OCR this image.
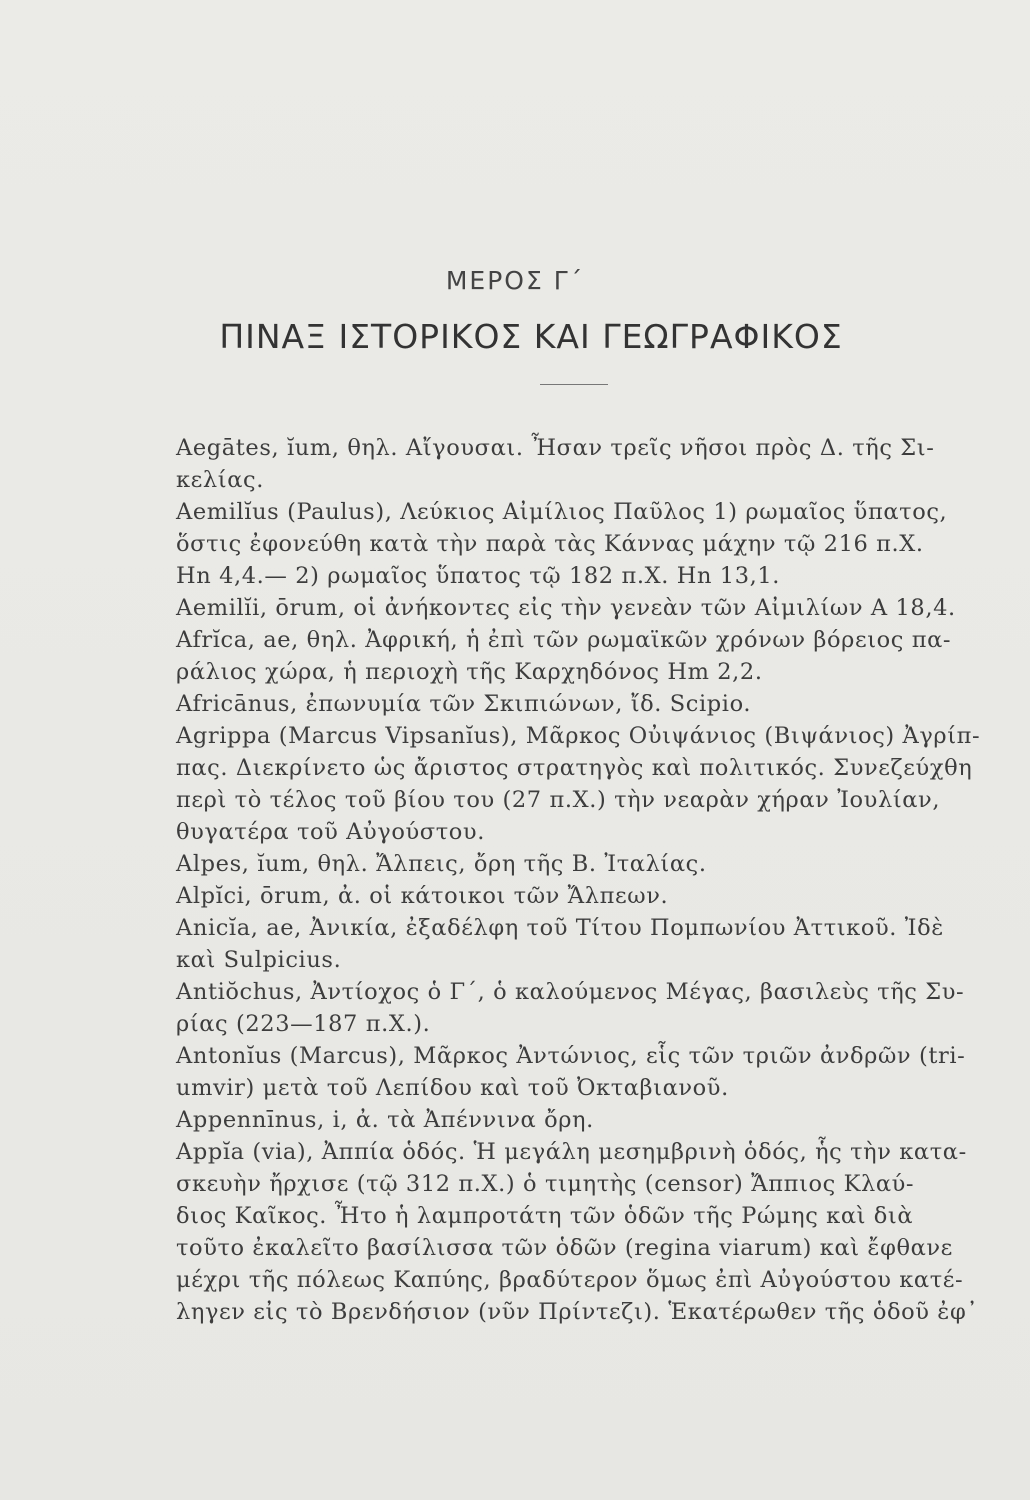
ΜΕΡΟΣ Γ΄
ΠΙΝΑΞ ΙΣΤΟΡΙΚΟΣ ΚΑΙ ΓΕΩΓΡΑΦΙΚΟΣ
Aegātes, ĭum, θηλ. Αἴγουσαι. Ἦσαν τρεῖς νῆσοι πρὸς Δ. τῆς Σι-
κελίας.
Aemilĭus (Paulus), Λεύκιος Αἰμίλιος Παῦλος 1) ρωμαῖος ὕπατος,
ὅστις ἐφονεύθη κατὰ τὴν παρὰ τὰς Κάννας μάχην τῷ 216 π.Χ.
Hn 4,4.— 2) ρωμαῖος ὕπατος τῷ 182 π.Χ. Hn 13,1.
Aemilĭi, ōrum, οἱ ἀνήκοντες εἰς τὴν γενεὰν τῶν Αἰμιλίων A 18,4.
Afrĭca, ae, θηλ. Ἀφρική, ἡ ἐπὶ τῶν ρωμαϊκῶν χρόνων βόρειος πα-
ράλιος χώρα, ἡ περιοχὴ τῆς Καρχηδόνος Hm 2,2.
Africānus, ἐπωνυμία τῶν Σκιπιώνων, ἴδ. Scipio.
Agrippa (Marcus Vipsanĭus), Μᾶρκος Οὐιψάνιος (Βιψάνιος) Ἀγρίπ-
πας. Διεκρίνετο ὡς ἄριστος στρατηγὸς καὶ πολιτικός. Συνεζεύχθη
περὶ τὸ τέλος τοῦ βίου του (27 π.Χ.) τὴν νεαρὰν χήραν Ἰουλίαν,
θυγατέρα τοῦ Αὐγούστου.
Alpes, ĭum, θηλ. Ἄλπεις, ὄρη τῆς Β. Ἰταλίας.
Alpĭci, ōrum, ἀ. οἱ κάτοικοι τῶν Ἄλπεων.
Anicĭa, ae, Ἀνικία, ἐξαδέλφη τοῦ Τίτου Πομπωνίου Ἀττικοῦ. Ἰδὲ
καὶ Sulpicius.
Antiŏchus, Ἀντίοχος ὁ Γ΄, ὁ καλούμενος Μέγας, βασιλεὺς τῆς Συ-
ρίας (223—187 π.Χ.).
Antonĭus (Marcus), Μᾶρκος Ἀντώνιος, εἷς τῶν τριῶν ἀνδρῶν (tri-
umvir) μετὰ τοῦ Λεπίδου καὶ τοῦ Ὀκταβιανοῦ.
Appennīnus, i, ἀ. τὰ Ἀπέννινα ὄρη.
Appĭa (via), Ἀππία ὁδός. Ἡ μεγάλη μεσημβρινὴ ὁδός, ἧς τὴν κατα-
σκευὴν ἤρχισε (τῷ 312 π.Χ.) ὁ τιμητὴς (censor) Ἄππιος Κλαύ-
διος Καῖκος. Ἦτο ἡ λαμπροτάτη τῶν ὁδῶν τῆς Ρώμης καὶ διὰ
τοῦτο ἐκαλεῖτο βασίλισσα τῶν ὁδῶν (regina viarum) καὶ ἔφθανε
μέχρι τῆς πόλεως Καπύης, βραδύτερον ὅμως ἐπὶ Αὐγούστου κατέ-
ληγεν εἰς τὸ Βρενδήσιον (νῦν Πρίντεζι). Ἑκατέρωθεν τῆς ὁδοῦ ἐφ᾽
